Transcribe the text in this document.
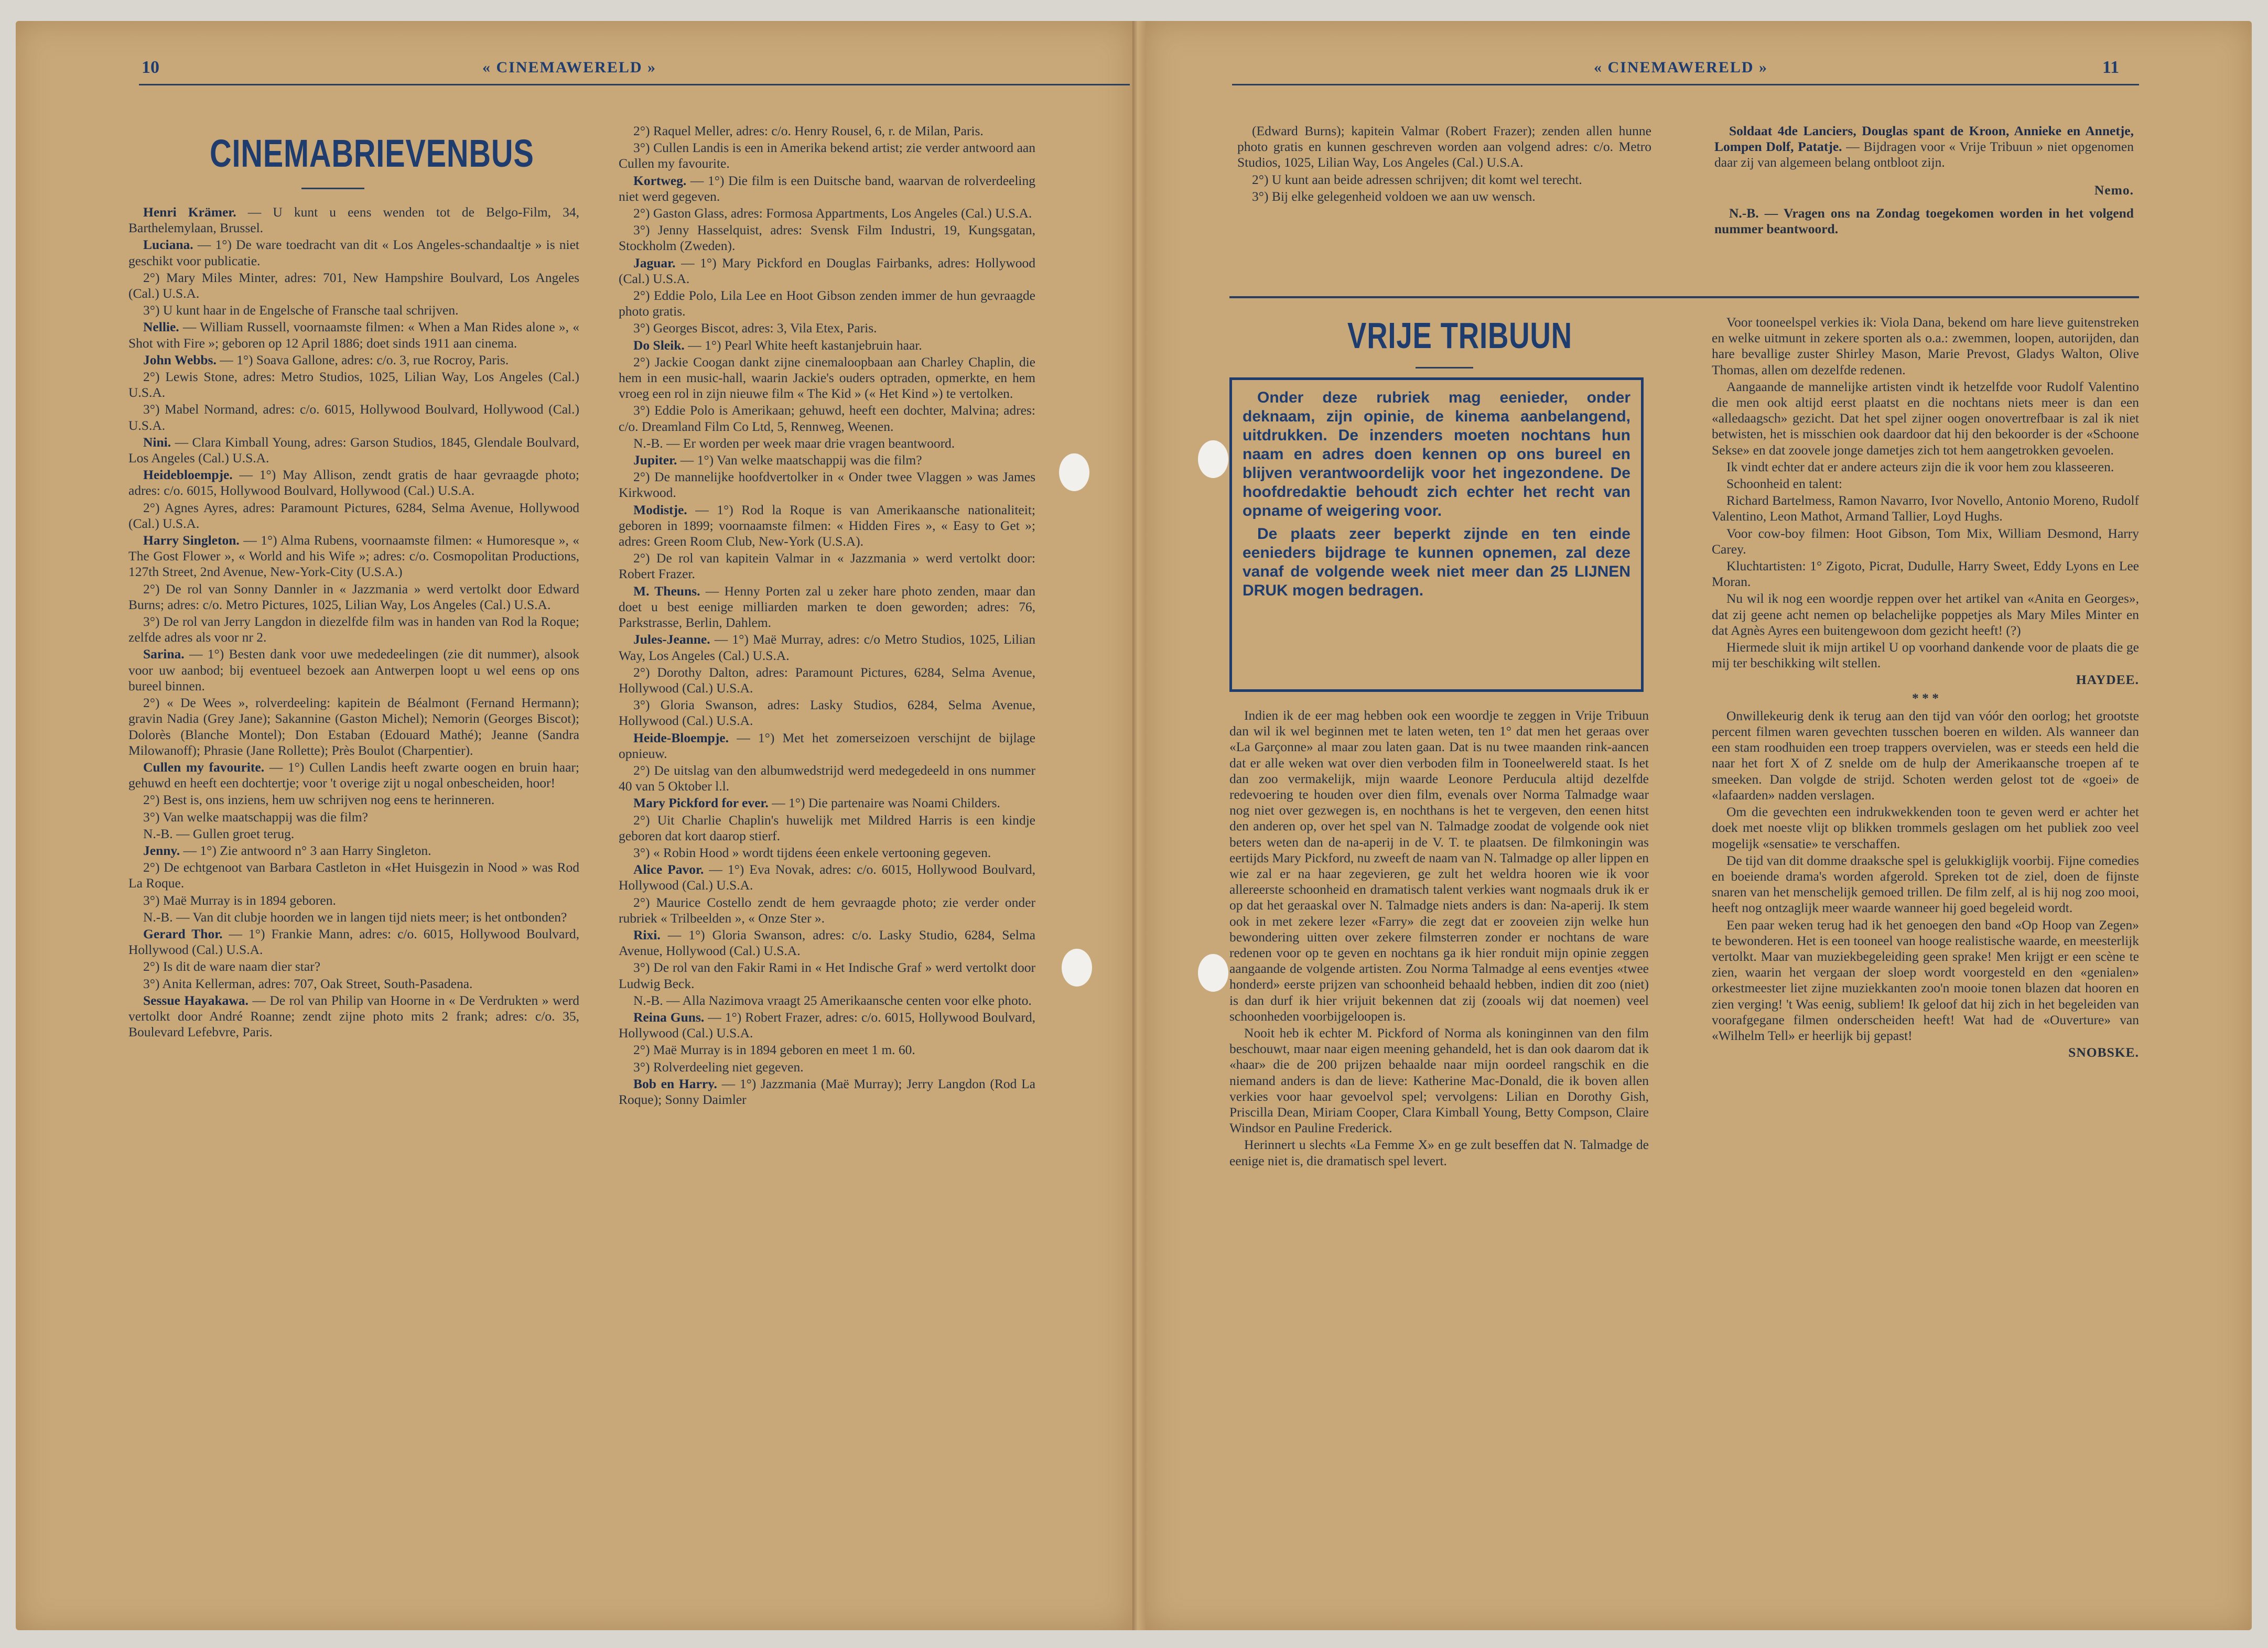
10	« CINEMAWERELD »
CINEMABRIEVENBUS

Henri Krämer. — U kunt u eens wenden tot de Belgo-Film, 34, Barthelemylaan, Brussel.

Luciana. — 1°) De ware toedracht van dit « Los Angeles-schandaaltje » is niet geschikt voor publicatie.

2°) Mary Miles Minter, adres: 701, New Hampshire Boulvard, Los Angeles (Cal.) U.S.A.

3°) U kunt haar in de Engelsche of Fransche taal schrijven.

Nellie. — William Russell, voornaamste filmen: « When a Man Rides alone », « Shot with Fire »; geboren op 12 April 1886; doet sinds 1911 aan cinema.

John Webbs. — 1°) Soava Gallone, adres: c/o. 3, rue Rocroy, Paris.

2°) Lewis Stone, adres: Metro Studios, 1025, Lilian Way, Los Angeles (Cal.) U.S.A.

3°) Mabel Normand, adres: c/o. 6015, Hollywood Boulvard, Hollywood (Cal.) U.S.A.

Nini. — Clara Kimball Young, adres: Garson Studios, 1845, Glendale Boulvard, Los Angeles (Cal.) U.S.A.

Heidebloempje. — 1°) May Allison, zendt gratis de haar gevraagde photo; adres: c/o. 6015, Hollywood Boulvard, Hollywood (Cal.) U.S.A.

2°) Agnes Ayres, adres: Paramount Pictures, 6284, Selma Avenue, Hollywood (Cal.) U.S.A.

Harry Singleton. — 1°) Alma Rubens, voornaamste filmen: « Humoresque », « The Gost Flower », « World and his Wife »; adres: c/o. Cosmopolitan Productions, 127th Street, 2nd Avenue, New-York-City (U.S.A.)

2°) De rol van Sonny Dannler in « Jazzmania » werd vertolkt door Edward Burns; adres: c/o. Metro Pictures, 1025, Lilian Way, Los Angeles (Cal.) U.S.A.

3°) De rol van Jerry Langdon in diezelfde film was in handen van Rod la Roque; zelfde adres als voor nr 2.

Sarina. — 1°) Besten dank voor uwe mededeelingen (zie dit nummer), alsook voor uw aanbod; bij eventueel bezoek aan Antwerpen loopt u wel eens op ons bureel binnen.

2°) « De Wees », rolverdeeling: kapitein de Béalmont (Fernand Hermann); gravin Nadia (Grey Jane); Sakannine (Gaston Michel); Nemorin (Georges Biscot); Dolorès (Blanche Montel); Don Estaban (Edouard Mathé); Jeanne (Sandra Milowanoff); Phrasie (Jane Rollette); Près Boulot (Charpentier).

Cullen my favourite. — 1°) Cullen Landis heeft zwarte oogen en bruin haar; gehuwd en heeft een dochtertje; voor 't overige zijt u nogal onbescheiden, hoor!

2°) Best is, ons inziens, hem uw schrijven nog eens te herinneren.

3°) Van welke maatschappij was die film?

N.-B. — Gullen groet terug.

Jenny. — 1°) Zie antwoord n° 3 aan Harry Singleton.

2°) De echtgenoot van Barbara Castleton in «Het Huisgezin in Nood » was Rod La Roque.

3°) Maë Murray is in 1894 geboren.

N.-B. — Van dit clubje hoorden we in langen tijd niets meer; is het ontbonden?

Gerard Thor. — 1°) Frankie Mann, adres: c/o. 6015, Hollywood Boulvard, Hollywood (Cal.) U.S.A.

2°) Is dit de ware naam dier star?

3°) Anita Kellerman, adres: 707, Oak Street, South-Pasadena.

Sessue Hayakawa. — De rol van Philip van Hoorne in « De Verdrukten » werd vertolkt door André Roanne; zendt zijne photo mits 2 frank; adres: c/o. 35, Boulevard Lefebvre, Paris.

2°) Raquel Meller, adres: c/o. Henry Rousel, 6, r. de Milan, Paris.

3°) Cullen Landis is een in Amerika bekend artist; zie verder antwoord aan Cullen my favourite.

Kortweg. — 1°) Die film is een Duitsche band, waarvan de rolverdeeling niet werd gegeven.

2°) Gaston Glass, adres: Formosa Appartments, Los Angeles (Cal.) U.S.A.

3°) Jenny Hasselquist, adres: Svensk Film Industri, 19, Kungsgatan, Stockholm (Zweden).

Jaguar. — 1°) Mary Pickford en Douglas Fairbanks, adres: Hollywood (Cal.) U.S.A.

2°) Eddie Polo, Lila Lee en Hoot Gibson zenden immer de hun gevraagde photo gratis.

3°) Georges Biscot, adres: 3, Vila Etex, Paris.

Do Sleik. — 1°) Pearl White heeft kastanjebruin haar.

2°) Jackie Coogan dankt zijne cinemaloopbaan aan Charley Chaplin, die hem in een music-hall, waarin Jackie's ouders optraden, opmerkte, en hem vroeg een rol in zijn nieuwe film « The Kid » (« Het Kind ») te vertolken.

3°) Eddie Polo is Amerikaan; gehuwd, heeft een dochter, Malvina; adres: c/o. Dreamland Film Co Ltd, 5, Rennweg, Weenen.

N.-B. — Er worden per week maar drie vragen beantwoord.

Jupiter. — 1°) Van welke maatschappij was die film?

2°) De mannelijke hoofdvertolker in « Onder twee Vlaggen » was James Kirkwood.

Modistje. — 1°) Rod la Roque is van Amerikaansche nationaliteit; geboren in 1899; voornaamste filmen: « Hidden Fires », « Easy to Get »; adres: Green Room Club, New-York (U.S.A).

2°) De rol van kapitein Valmar in « Jazzmania » werd vertolkt door: Robert Frazer.

M. Theuns. — Henny Porten zal u zeker hare photo zenden, maar dan doet u best eenige milliarden marken te doen geworden; adres: 76, Parkstrasse, Berlin, Dahlem.

Jules-Jeanne. — 1°) Maë Murray, adres: c/o Metro Studios, 1025, Lilian Way, Los Angeles (Cal.) U.S.A.

2°) Dorothy Dalton, adres: Paramount Pictures, 6284, Selma Avenue, Hollywood (Cal.) U.S.A.

3°) Gloria Swanson, adres: Lasky Studios, 6284, Selma Avenue, Hollywood (Cal.) U.S.A.

Heide-Bloempje. — 1°) Met het zomerseizoen verschijnt de bijlage opnieuw.

2°) De uitslag van den albumwedstrijd werd medegedeeld in ons nummer 40 van 5 Oktober l.l.

Mary Pickford for ever. — 1°) Die partenaire was Noami Childers.

2°) Uit Charlie Chaplin's huwelijk met Mildred Harris is een kindje geboren dat kort daarop stierf.

3°) « Robin Hood » wordt tijdens éeen enkele vertooning gegeven.

Alice Pavor. — 1°) Eva Novak, adres: c/o. 6015, Hollywood Boulvard, Hollywood (Cal.) U.S.A.

2°) Maurice Costello zendt de hem gevraagde photo; zie verder onder rubriek « Trilbeelden », « Onze Ster ».

Rixi. — 1°) Gloria Swanson, adres: c/o. Lasky Studio, 6284, Selma Avenue, Hollywood (Cal.) U.S.A.

3°) De rol van den Fakir Rami in « Het Indische Graf » werd vertolkt door Ludwig Beck.

N.-B. — Alla Nazimova vraagt 25 Amerikaansche centen voor elke photo.

Reina Guns. — 1°) Robert Frazer, adres: c/o. 6015, Hollywood Boulvard, Hollywood (Cal.) U.S.A.

2°) Maë Murray is in 1894 geboren en meet 1 m. 60.

3°) Rolverdeeling niet gegeven.

Bob en Harry. — 1°) Jazzmania (Maë Murray); Jerry Langdon (Rod La Roque); Sonny Daimler

« CINEMAWERELD »	11

(Edward Burns); kapitein Valmar (Robert Frazer); zenden allen hunne photo gratis en kunnen geschreven worden aan volgend adres: c/o. Metro Studios, 1025, Lilian Way, Los Angeles (Cal.) U.S.A.

2°) U kunt aan beide adressen schrijven; dit komt wel terecht.

3°) Bij elke gelegenheid voldoen we aan uw wensch.

Soldaat 4de Lanciers, Douglas spant de Kroon, Annieke en Annetje, Lompen Dolf, Patatje. — Bijdragen voor « Vrije Tribuun » niet opgenomen daar zij van algemeen belang ontbloot zijn.

Nemo.

N.-B. — Vragen ons na Zondag toegekomen worden in het volgend nummer beantwoord.

VRIJE TRIBUUN

Onder deze rubriek mag eenieder, onder deknaam, zijn opinie, de kinema aanbelangend, uitdrukken. De inzenders moeten nochtans hun naam en adres doen kennen op ons bureel en blijven verantwoordelijk voor het ingezondene. De hoofdredaktie behoudt zich echter het recht van opname of weigering voor.

De plaats zeer beperkt zijnde en ten einde eenieders bijdrage te kunnen opnemen, zal deze vanaf de volgende week niet meer dan 25 LIJNEN DRUK mogen bedragen.

Indien ik de eer mag hebben ook een woordje te zeggen in Vrije Tribuun dan wil ik wel beginnen met te laten weten, ten 1° dat men het geraas over «La Garçonne» al maar zou laten gaan. Dat is nu twee maanden rink-aancen dat er alle weken wat over dien verboden film in Tooneelwereld staat. Is het dan zoo vermakelijk, mijn waarde Leonore Perducula altijd dezelfde redevoering te houden over dien film, evenals over Norma Talmadge waar nog niet over gezwegen is, en nochthans is het te vergeven, den eenen hitst den anderen op, over het spel van N. Talmadge zoodat de volgende ook niet beters weten dan de na-aperij in de V. T. te plaatsen. De filmkoningin was eertijds Mary Pickford, nu zweeft de naam van N. Talmadge op aller lippen en wie zal er na haar zegevieren, ge zult het weldra hooren wie ik voor allereerste schoonheid en dramatisch talent verkies want nogmaals druk ik er op dat het geraaskal over N. Talmadge niets anders is dan: Na-aperij. Ik stem ook in met zekere lezer «Farry» die zegt dat er zooveien zijn welke hun bewondering uitten over zekere filmsterren zonder er nochtans de ware redenen voor op te geven en nochtans ga ik hier ronduit mijn opinie zeggen aangaande de volgende artisten. Zou Norma Talmadge al eens eventjes «twee honderd» eerste prijzen van schoonheid behaald hebben, indien dit zoo (niet) is dan durf ik hier vrijuit bekennen dat zij (zooals wij dat noemen) veel schoonheden voorbijgeloopen is.

Nooit heb ik echter M. Pickford of Norma als koninginnen van den film beschouwt, maar naar eigen meening gehandeld, het is dan ook daarom dat ik «haar» die de 200 prijzen behaalde naar mijn oordeel rangschik en die niemand anders is dan de lieve: Katherine Mac-Donald, die ik boven allen verkies voor haar gevoelvol spel; vervolgens: Lilian en Dorothy Gish, Priscilla Dean, Miriam Cooper, Clara Kimball Young, Betty Compson, Claire Windsor en Pauline Frederick.

Herinnert u slechts «La Femme X» en ge zult beseffen dat N. Talmadge de eenige niet is, die dramatisch spel levert.

Voor tooneelspel verkies ik: Viola Dana, bekend om hare lieve guitenstreken en welke uitmunt in zekere sporten als o.a.: zwemmen, loopen, autorijden, dan hare bevallige zuster Shirley Mason, Marie Prevost, Gladys Walton, Olive Thomas, allen om dezelfde redenen.

Aangaande de mannelijke artisten vindt ik hetzelfde voor Rudolf Valentino die men ook altijd eerst plaatst en die nochtans niets meer is dan een «alledaagsch» gezicht. Dat het spel zijner oogen onovertrefbaar is zal ik niet betwisten, het is misschien ook daardoor dat hij den bekoorder is der «Schoone Sekse» en dat zoovele jonge dametjes zich tot hem aangetrokken gevoelen.

Ik vindt echter dat er andere acteurs zijn die ik voor hem zou klasseeren.

Schoonheid en talent:

Richard Bartelmess, Ramon Navarro, Ivor Novello, Antonio Moreno, Rudolf Valentino, Leon Mathot, Armand Tallier, Loyd Hughs.

Voor cow-boy filmen: Hoot Gibson, Tom Mix, William Desmond, Harry Carey.

Kluchtartisten: 1° Zigoto, Picrat, Dudulle, Harry Sweet, Eddy Lyons en Lee Moran.

Nu wil ik nog een woordje reppen over het artikel van «Anita en Georges», dat zij geene acht nemen op belachelijke poppetjes als Mary Miles Minter en dat Agnès Ayres een buitengewoon dom gezicht heeft! (?)

Hiermede sluit ik mijn artikel U op voorhand dankende voor de plaats die ge mij ter beschikking wilt stellen.

HAYDEE.

* * *

Onwillekeurig denk ik terug aan den tijd van vóór den oorlog; het grootste percent filmen waren gevechten tusschen boeren en wilden. Als wanneer dan een stam roodhuiden een troep trappers overvielen, was er steeds een held die naar het fort X of Z snelde om de hulp der Amerikaansche troepen af te smeeken. Dan volgde de strijd. Schoten werden gelost tot de «goei» de «lafaarden» nadden verslagen.

Om die gevechten een indrukwekkenden toon te geven werd er achter het doek met noeste vlijt op blikken trommels geslagen om het publiek zoo veel mogelijk «sensatie» te verschaffen.

De tijd van dit domme draaksche spel is gelukkiglijk voorbij. Fijne comedies en boeiende drama's worden afgerold. Spreken tot de ziel, doen de fijnste snaren van het menschelijk gemoed trillen. De film zelf, al is hij nog zoo mooi, heeft nog ontzaglijk meer waarde wanneer hij goed begeleid wordt.

Een paar weken terug had ik het genoegen den band «Op Hoop van Zegen» te bewonderen. Het is een tooneel van hooge realistische waarde, en meesterlijk vertolkt. Maar van muziekbegeleiding geen sprake! Men krijgt er een scène te zien, waarin het vergaan der sloep wordt voorgesteld en den «genialen» orkestmeester liet zijne muziekkanten zoo'n mooie tonen blazen dat hooren en zien verging! 't Was eenig, subliem! Ik geloof dat hij zich in het begeleiden van voorafgegane filmen onderscheiden heeft! Wat had de «Ouverture» van «Wilhelm Tell» er heerlijk bij gepast!

SNOBSKE.
